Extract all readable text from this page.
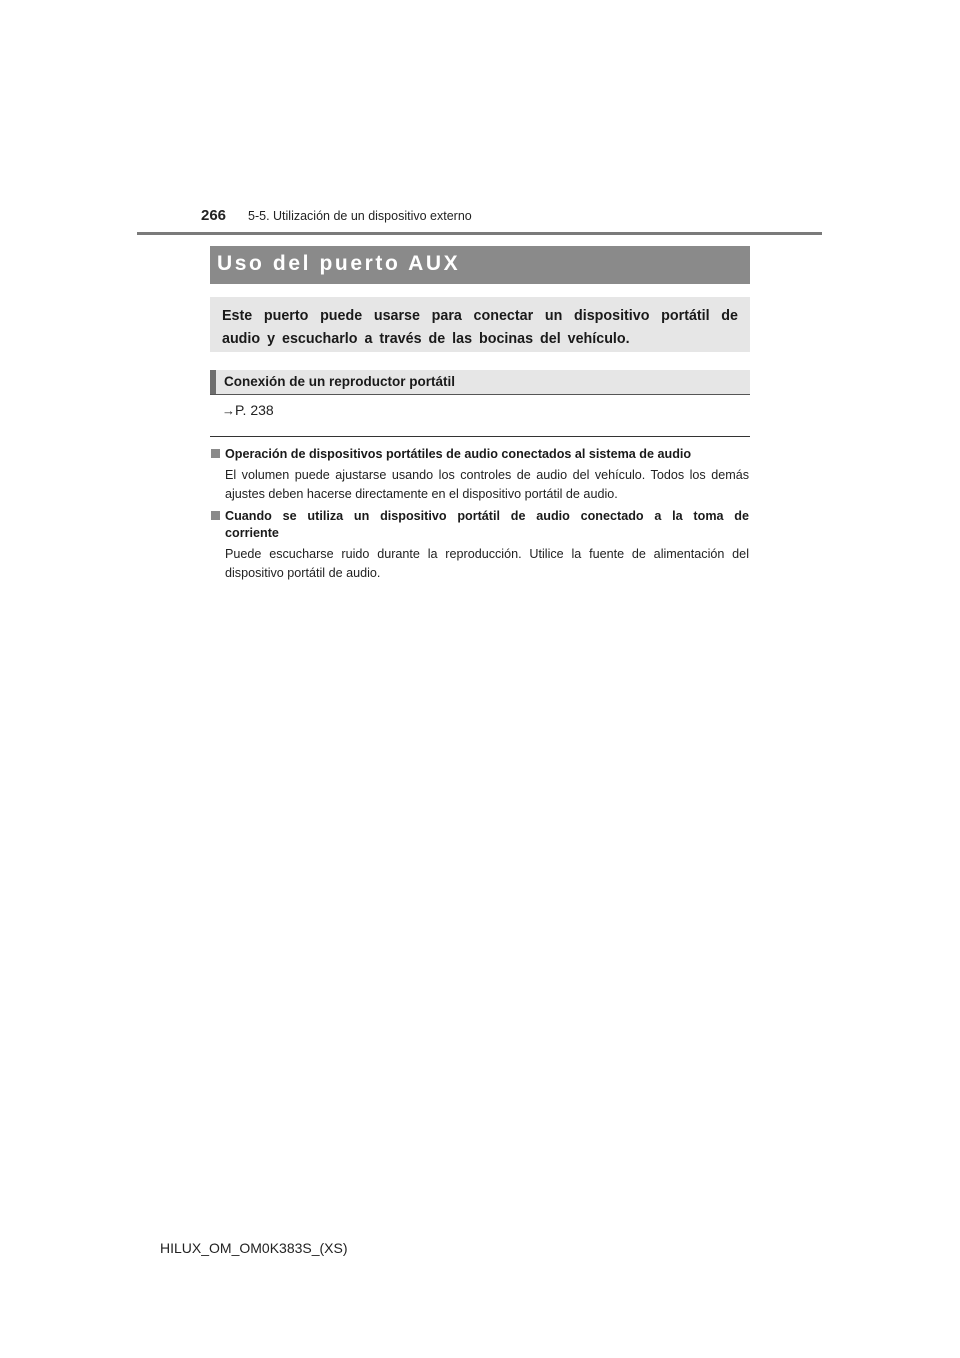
266 5-5. Utilización de un dispositivo externo
Uso del puerto AUX
Este puerto puede usarse para conectar un dispositivo portátil de audio y escucharlo a través de las bocinas del vehículo.
Conexión de un reproductor portátil
→P. 238
Operación de dispositivos portátiles de audio conectados al sistema de audio
El volumen puede ajustarse usando los controles de audio del vehículo. Todos los demás ajustes deben hacerse directamente en el dispositivo portátil de audio.
Cuando se utiliza un dispositivo portátil de audio conectado a la toma de corriente
Puede escucharse ruido durante la reproducción. Utilice la fuente de alimentación del dispositivo portátil de audio.
HILUX_OM_OM0K383S_(XS)
